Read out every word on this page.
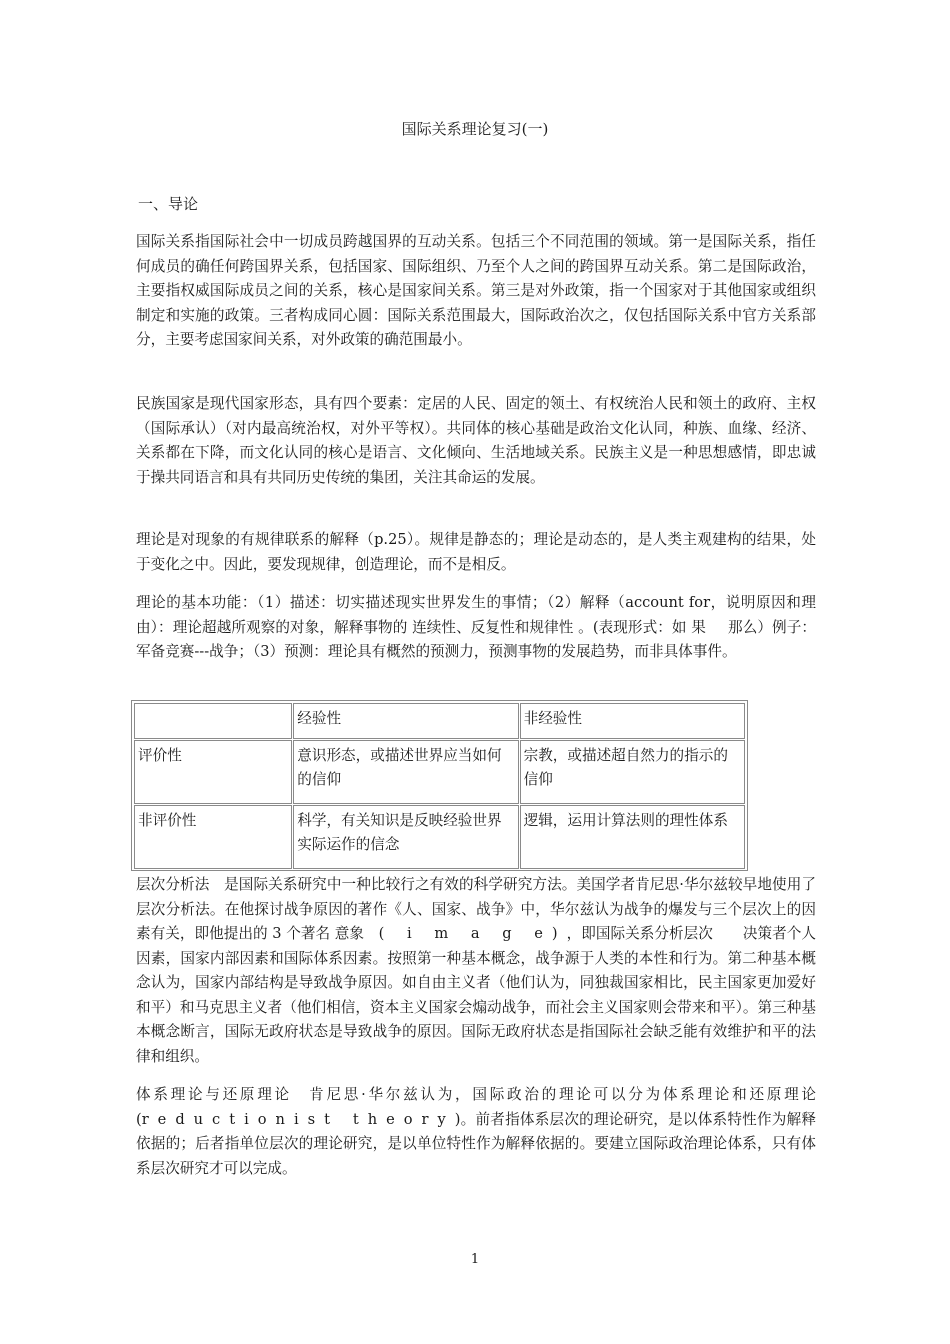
国际关系理论复习(一)
一、导论

国际关系指国际社会中一切成员跨越国界的互动关系。包括三个不同范围的领域。第一是国际关系，指任何成员的确任何跨国界关系，包括国家、国际组织、乃至个人之间的跨国界互动关系。第二是国际政治，主要指权威国际成员之间的关系，核心是国家间关系。第三是对外政策，指一个国家对于其他国家或组织制定和实施的政策。三者构成同心圆：国际关系范围最大，国际政治次之，仅包括国际关系中官方关系部分，主要考虑国家间关系，对外政策的确范围最小。

民族国家是现代国家形态，具有四个要素：定居的人民、固定的领土、有权统治人民和领土的政府、主权（国际承认）（对内最高统治权，对外平等权）。共同体的核心基础是政治文化认同，种族、血缘、经济、关系都在下降，而文化认同的核心是语言、文化倾向、生活地域关系。民族主义是一种思想感情，即忠诚于操共同语言和具有共同历史传统的集团，关注其命运的发展。

理论是对现象的有规律联系的解释（p.25）。规律是静态的；理论是动态的，是人类主观建构的结果，处于变化之中。因此，要发现规律，创造理论，而不是相反。

理论的基本功能：（1）描述：切实描述现实世界发生的事情；（2）解释（account for，说明原因和理由）：理论超越所观察的对象，解释事物的 连续性、反复性和规律性 。(表现形式：如 果 那么）例子：军备竞赛---战争；（3）预测：理论具有概然的预测力，预测事物的发展趋势，而非具体事件。

	经验性	非经验性
评价性	意识形态，或描述世界应当如何的信仰	宗教，或描述超自然力的指示的信仰
非评价性	科学，有关知识是反映经验世界实际运作的信念	逻辑，运用计算法则的理性体系

层次分析法　是国际关系研究中一种比较行之有效的科学研究方法。美国学者肯尼思·华尔兹较早地使用了层次分析法。在他探讨战争原因的著作《人、国家、战争》中，华尔兹认为战争的爆发与三个层次上的因素有关，即他提出的 3 个著名 意象　 ( i m a g e)，即国际关系分析层次 决策者个人因素，国家内部因素和国际体系因素。按照第一种基本概念，战争源于人类的本性和行为。第二种基本概念认为，国家内部结构是导致战争原因。如自由主义者（他们认为，同独裁国家相比，民主国家更加爱好和平）和马克思主义者（他们相信，资本主义国家会煽动战争，而社会主义国家则会带来和平）。第三种基本概念断言，国际无政府状态是导致战争的原因。国际无政府状态是指国际社会缺乏能有效维护和平的法律和组织。

体系理论与还原理论　肯尼思·华尔兹认为，国际政治的理论可以分为体系理论和还原理论(reductionist theory)。前者指体系层次的理论研究，是以体系特性作为解释依据的；后者指单位层次的理论研究，是以单位特性作为解释依据的。要建立国际政治理论体系，只有体系层次研究才可以完成。

1
